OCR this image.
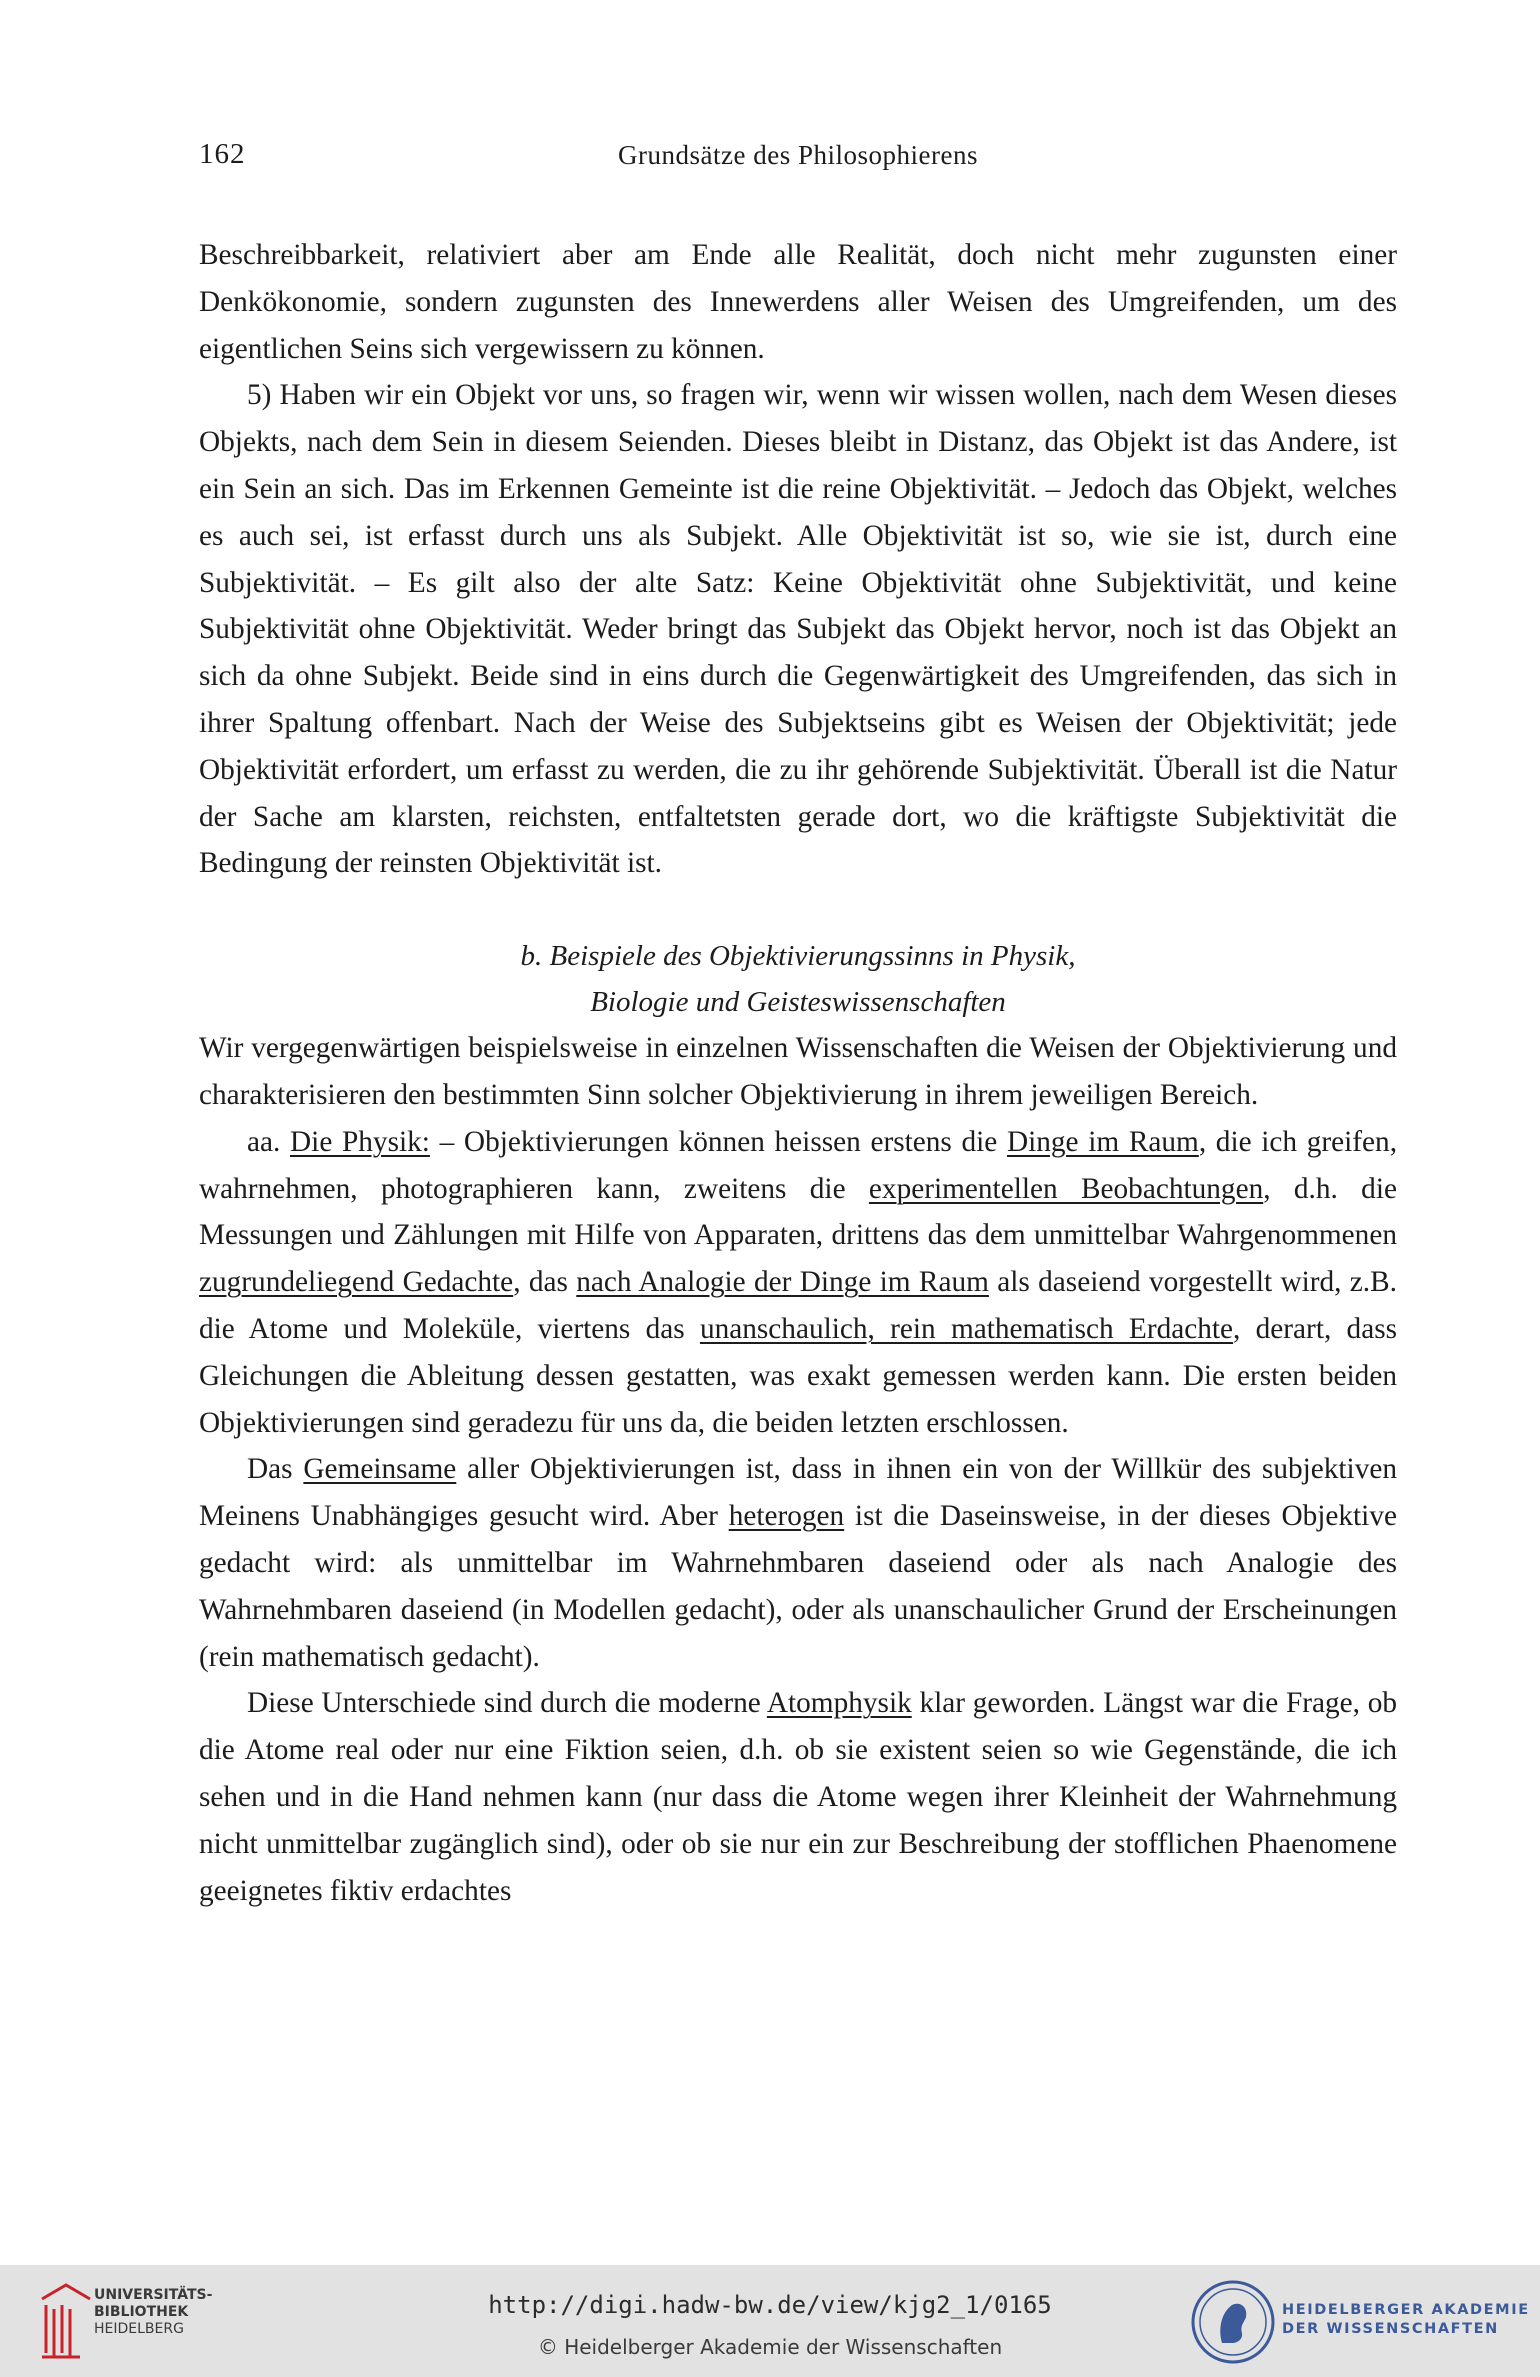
162	Grundsätze des Philosophierens

Beschreibbarkeit, relativiert aber am Ende alle Realität, doch nicht mehr zugunsten einer Denkökonomie, sondern zugunsten des Innewerdens aller Weisen des Umgreifenden, um des eigentlichen Seins sich vergewissern zu können.

5) Haben wir ein Objekt vor uns, so fragen wir, wenn wir wissen wollen, nach dem Wesen dieses Objekts, nach dem Sein in diesem Seienden. Dieses bleibt in Distanz, das Objekt ist das Andere, ist ein Sein an sich. Das im Erkennen Gemeinte ist die reine Objektivität. – Jedoch das Objekt, welches es auch sei, ist erfasst durch uns als Subjekt. Alle Objektivität ist so, wie sie ist, durch eine Subjektivität. – Es gilt also der alte Satz: Keine Objektivität ohne Subjektivität, und keine Subjektivität ohne Objektivität. Weder bringt das Subjekt das Objekt hervor, noch ist das Objekt an sich da ohne Subjekt. Beide sind in eins durch die Gegenwärtigkeit des Umgreifenden, das sich in ihrer Spaltung offenbart. Nach der Weise des Subjektseins gibt es Weisen der Objektivität; jede Objektivität erfordert, um erfasst zu werden, die zu ihr gehörende Subjektivität. Überall ist die Natur der Sache am klarsten, reichsten, entfaltetsten gerade dort, wo die kräftigste Subjektivität die Bedingung der reinsten Objektivität ist.

b. Beispiele des Objektivierungssinns in Physik,
Biologie und Geisteswissenschaften

Wir vergegenwärtigen beispielsweise in einzelnen Wissenschaften die Weisen der Objektivierung und charakterisieren den bestimmten Sinn solcher Objektivierung in ihrem jeweiligen Bereich.

aa. Die Physik: – Objektivierungen können heissen erstens die Dinge im Raum, die ich greifen, wahrnehmen, photographieren kann, zweitens die experimentellen Beobachtungen, d.h. die Messungen und Zählungen mit Hilfe von Apparaten, drittens das dem unmittelbar Wahrgenommenen zugrundeliegend Gedachte, das nach Analogie der Dinge im Raum als daseiend vorgestellt wird, z.B. die Atome und Moleküle, viertens das unanschaulich, rein mathematisch Erdachte, derart, dass Gleichungen die Ableitung dessen gestatten, was exakt gemessen werden kann. Die ersten beiden Objektivierungen sind geradezu für uns da, die beiden letzten erschlossen.

Das Gemeinsame aller Objektivierungen ist, dass in ihnen ein von der Willkür des subjektiven Meinens Unabhängiges gesucht wird. Aber heterogen ist die Daseinsweise, in der dieses Objektive gedacht wird: als unmittelbar im Wahrnehmbaren daseiend oder als nach Analogie des Wahrnehmbaren daseiend (in Modellen gedacht), oder als unanschaulicher Grund der Erscheinungen (rein mathematisch gedacht).

Diese Unterschiede sind durch die moderne Atomphysik klar geworden. Längst war die Frage, ob die Atome real oder nur eine Fiktion seien, d.h. ob sie existent seien so wie Gegenstände, die ich sehen und in die Hand nehmen kann (nur dass die Atome wegen ihrer Kleinheit der Wahrnehmung nicht unmittelbar zugänglich sind), oder ob sie nur ein zur Beschreibung der stofflichen Phaenomene geeignetes fiktiv erdachtes

UNIVERSITÄTS-
BIBLIOTHEK
HEIDELBERG
http://digi.hadw-bw.de/view/kjg2_1/0165
© Heidelberger Akademie der Wissenschaften
HEIDELBERGER AKADEMIE
DER WISSENSCHAFTEN
